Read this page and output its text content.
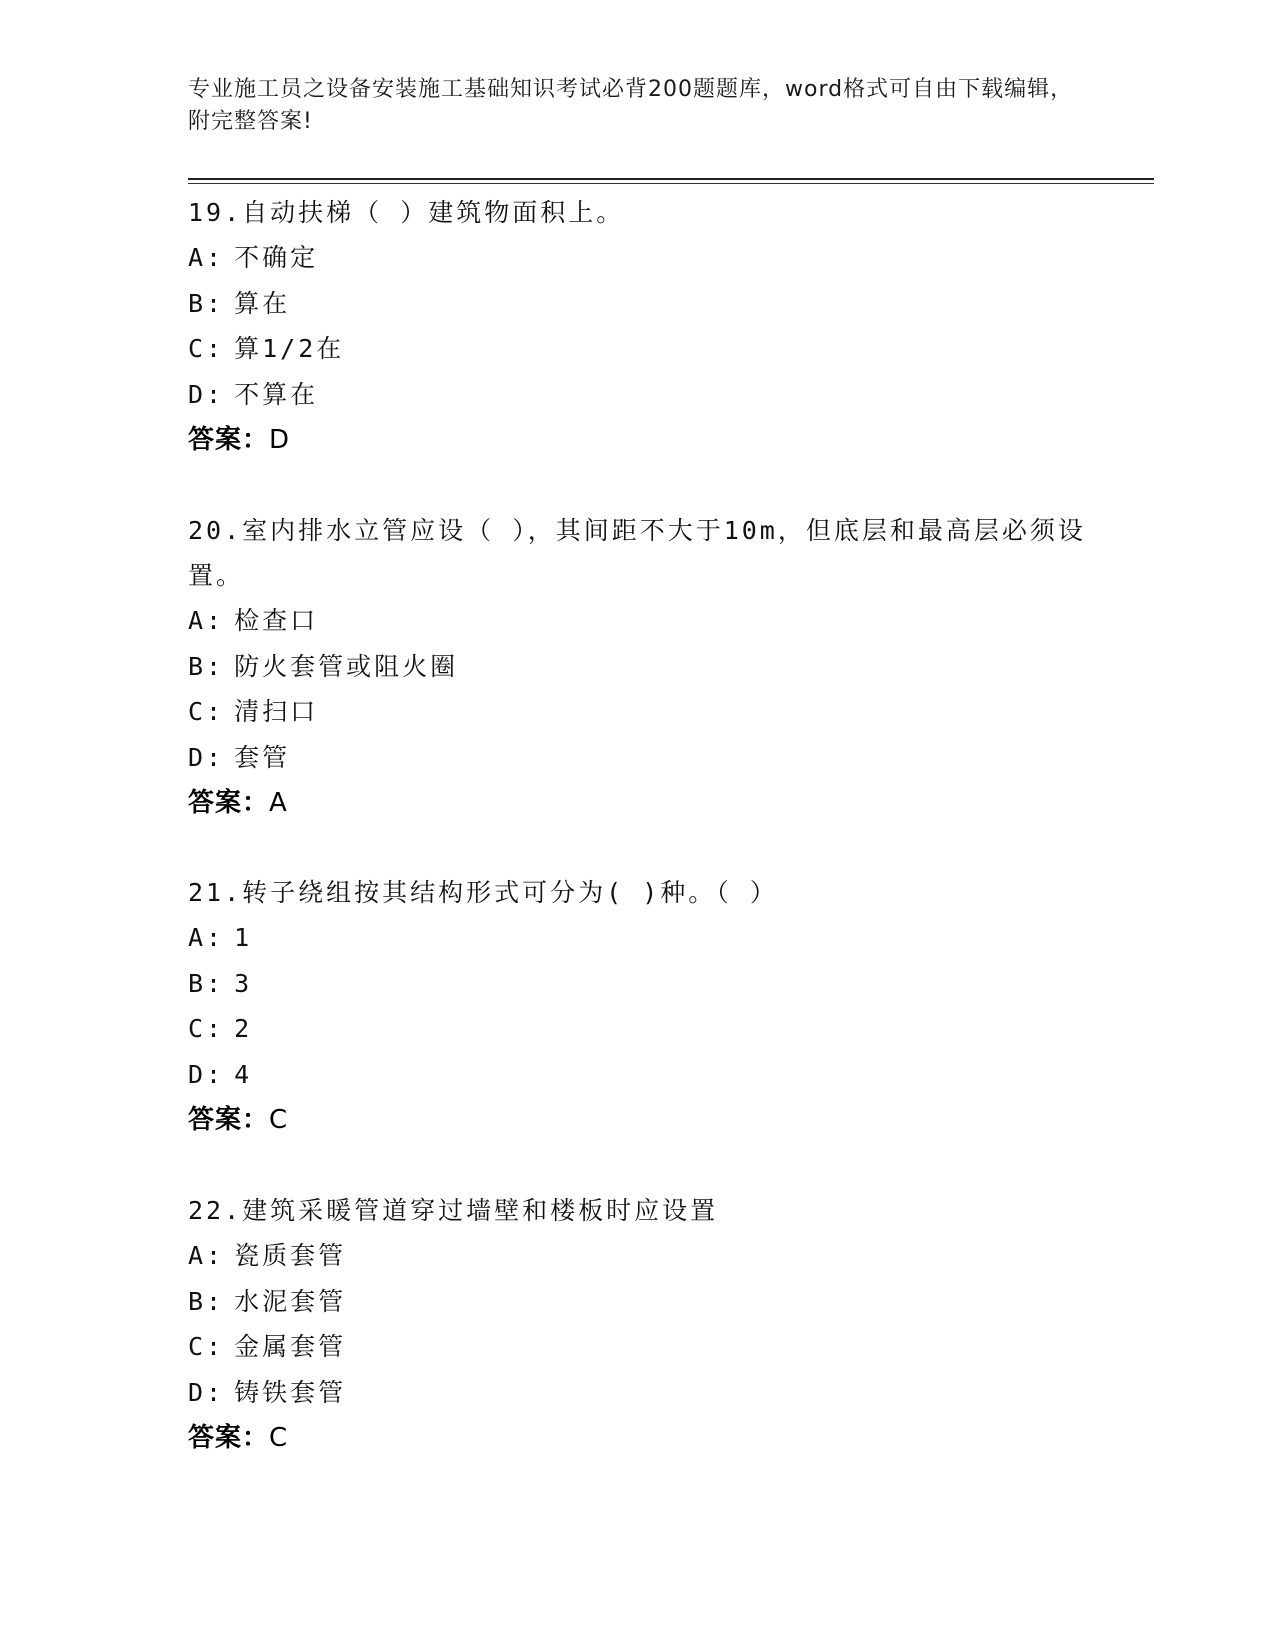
专业施工员之设备安装施工基础知识考试必背200题题库，word格式可自由下载编辑，附完整答案!
19.自动扶梯（ ）建筑物面积上。
A: 不确定
B: 算在
C: 算1/2在
D: 不算在
答案：D
20.室内排水立管应设（ ），其间距不大于10m，但底层和最高层必须设置。
A: 检查口
B: 防火套管或阻火圈
C: 清扫口
D: 套管
答案：A
21.转子绕组按其结构形式可分为( )种。（ ）
A: 1
B: 3
C: 2
D: 4
答案：C
22.建筑采暖管道穿过墙壁和楼板时应设置
A: 瓷质套管
B: 水泥套管
C: 金属套管
D: 铸铁套管
答案：C
